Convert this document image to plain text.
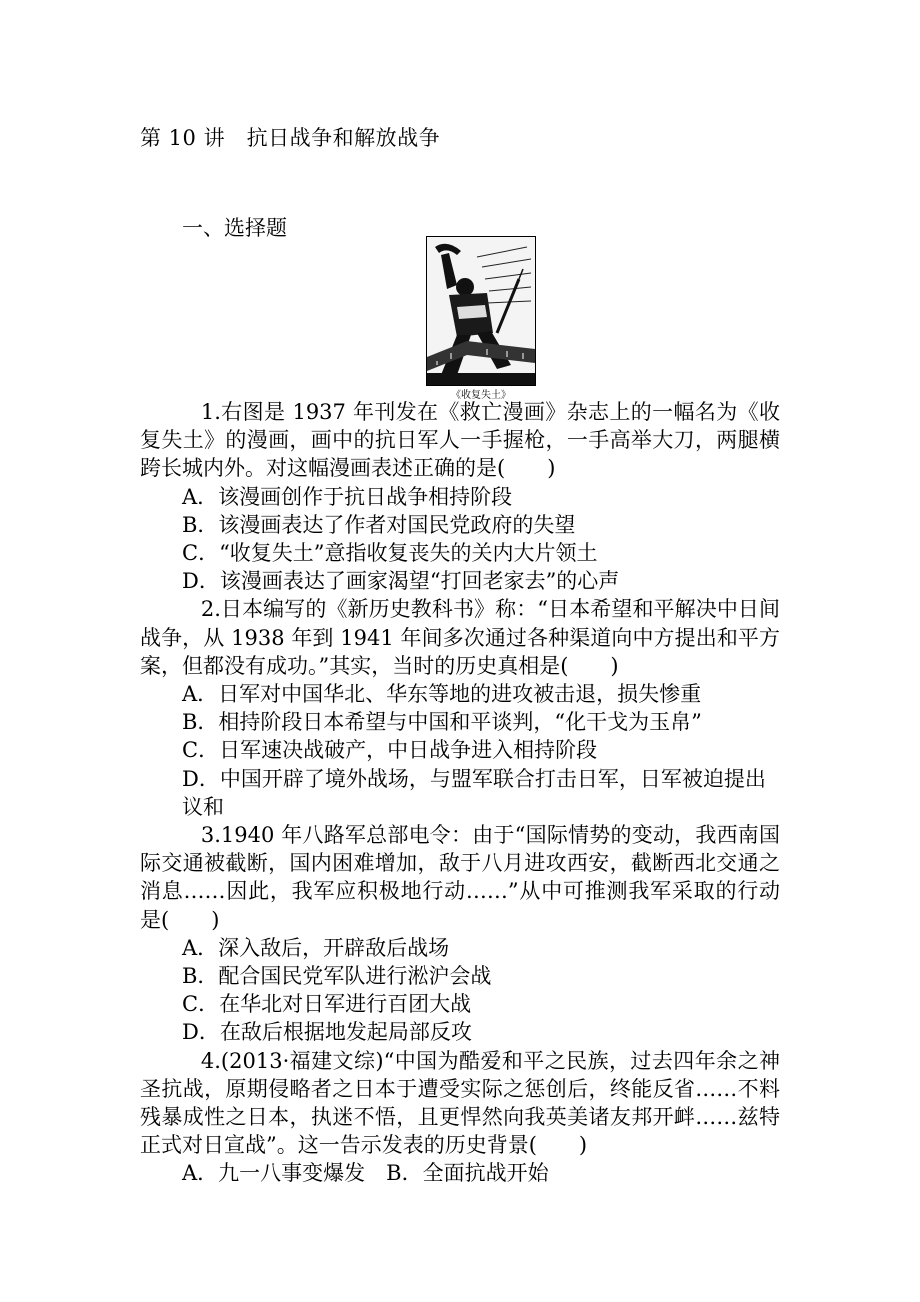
第 10 讲　抗日战争和解放战争
一、选择题
《收复失土》

1.右图是 1937 年刊发在《救亡漫画》杂志上的一幅名为《收复失土》的漫画，画中的抗日军人一手握枪，一手高举大刀，两腿横跨长城内外。对这幅漫画表述正确的是(　　)

A．该漫画创作于抗日战争相持阶段

B．该漫画表达了作者对国民党政府的失望

C．“收复失土”意指收复丧失的关内大片领土

D．该漫画表达了画家渴望“打回老家去”的心声

2.日本编写的《新历史教科书》称：“日本希望和平解决中日间战争，从 1938 年到 1941 年间多次通过各种渠道向中方提出和平方案，但都没有成功。”其实，当时的历史真相是(　　)

A．日军对中国华北、华东等地的进攻被击退，损失惨重

B．相持阶段日本希望与中国和平谈判，“化干戈为玉帛”

C．日军速决战破产，中日战争进入相持阶段

D．中国开辟了境外战场，与盟军联合打击日军，日军被迫提出议和

3.1940 年八路军总部电令：由于“国际情势的变动，我西南国际交通被截断，国内困难增加，敌于八月进攻西安，截断西北交通之消息……因此，我军应积极地行动……”从中可推测我军采取的行动是(　　)

A．深入敌后，开辟敌后战场

B．配合国民党军队进行淞沪会战

C．在华北对日军进行百团大战

D．在敌后根据地发起局部反攻

4.(2013·福建文综)“中国为酷爱和平之民族，过去四年余之神圣抗战，原期侵略者之日本于遭受实际之惩创后，终能反省……不料残暴成性之日本，执迷不悟，且更悍然向我英美诸友邦开衅……兹特正式对日宣战”。这一告示发表的历史背景(　　)

A．九一八事变爆发　B．全面抗战开始
